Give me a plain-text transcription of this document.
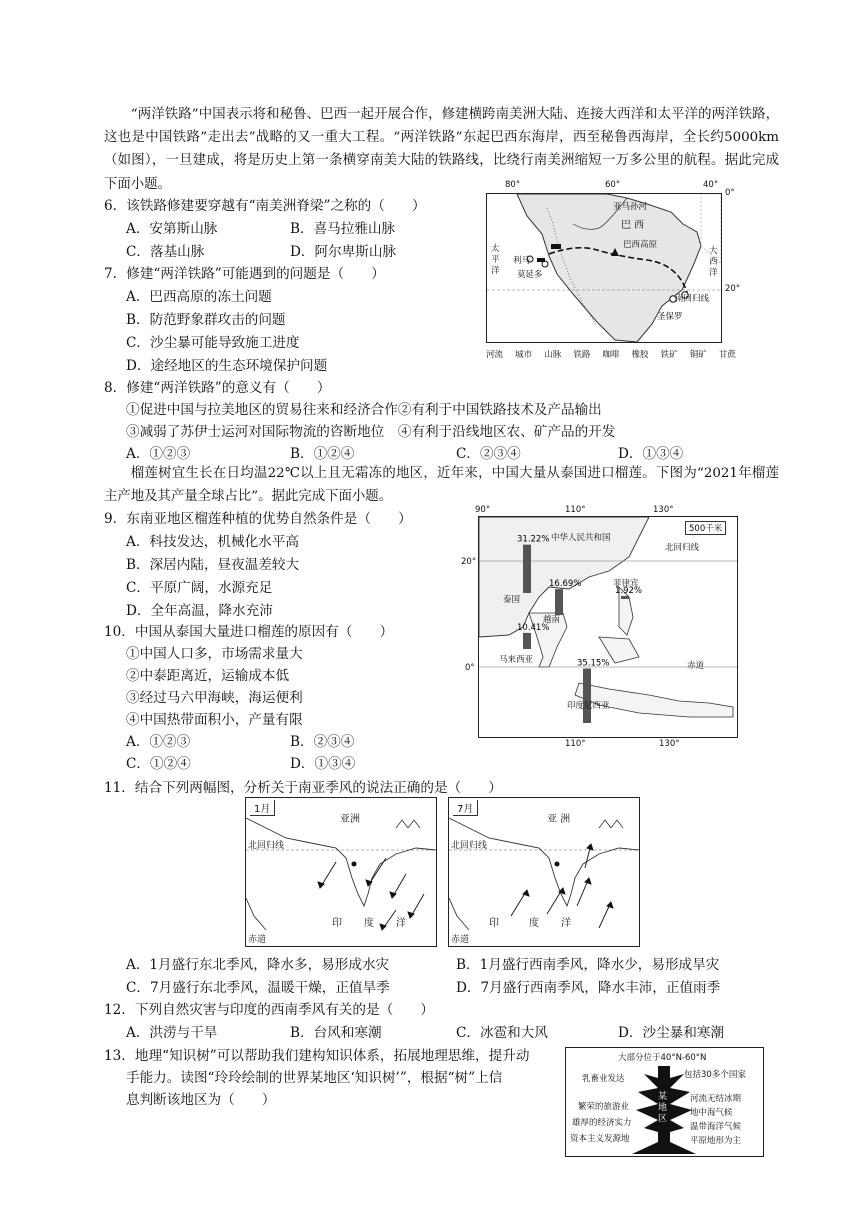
“两洋铁路”中国表示将和秘鲁、巴西一起开展合作，修建横跨南美洲大陆、连接大西洋和太平洋的两洋铁路，这也是中国铁路”走出去”战略的又一重大工程。“两洋铁路”东起巴西东海岸，西至秘鲁西海岸，全长约5000km（如图），一旦建成，将是历史上第一条横穿南美大陆的铁路线，比绕行南美洲缩短一万多公里的航程。据此完成下面小题。
6．该铁路修建要穿越有“南美洲脊梁”之称的（　　）
A．安第斯山脉	B．喜马拉雅山脉
C．落基山脉	D．阿尔卑斯山脉
7．修建“两洋铁路”可能遇到的问题是（　　）
A．巴西高原的冻土问题
B．防范野象群攻击的问题
C．沙尘暴可能导致施工进度
D．途经地区的生态环境保护问题
80°	60°	40°
0°
20°
亚马孙河
巴 西
巴西高原
太平洋
大西洋
利马
莫延多
圣保罗
南回归线
河流 城市 山脉 铁路 咖啡 橡胶 铁矿 铜矿 甘蔗
8．修建“两洋铁路”的意义有（　　）
①促进中国与拉美地区的贸易往来和经济合作②有利于中国铁路技术及产品输出
③减弱了苏伊士运河对国际物流的咨断地位　④有利于沿线地区农、矿产品的开发
A．①②③	B．①②④	C．②③④	D．①③④
榴莲树宜生长在日均温22℃以上且无霜冻的地区，近年来，中国大量从泰国进口榴莲。下图为“2021年榴莲主产地及其产量全球占比”。据此完成下面小题。
9．东南亚地区榴莲种植的优势自然条件是（　　）
A．科技发达，机械化水平高
B．深居内陆，昼夜温差较大
C．平原广阔，水源充足
D．全年高温，降水充沛
10．中国从泰国大量进口榴莲的原因有（　　）
①中国人口多，市场需求量大
②中泰距离近，运输成本低
③经过马六甲海峡，海运便利
④中国热带面积小，产量有限
A．①②③	B．②③④
C．①②④	D．①③④
31.22%
16.69%
1.92%
10.41%
35.15%
90°	110°	130°
20°
0°
110°	130°
500千米
中华人民共和国
北回归线
赤道
泰国
越南
菲律宾
马来西亚
印度尼西亚
11．结合下列两幅图，分析关于南亚季风的说法正确的是（　　）
1月
亚洲
北回归线
印 度 洋
赤道
7月
亚 洲
北回归线
印	度 洋
赤道
A．1月盛行东北季风，降水多，易形成水灾	B．1月盛行西南季风，降水少，易形成旱灾
C．7月盛行东北季风，温暖干燥，正值旱季	D．7月盛行西南季风，降水丰沛，正值雨季
12．下列自然灾害与印度的西南季风有关的是（　　）
A．洪涝与干旱	B．台风和寒潮	C．冰雹和大风	D．沙尘暴和寒潮
13．地理“知识树”可以帮助我们建构知识体系，拓展地理思维，提升动
手能力。读图“玲玲绘制的世界某地区‘知识树’”，根据“树”上信
息判断该地区为（　　）
大部分位于40°N-60°N
某地区
乳畜业发达
繁荣的旅游业
雄厚的经济实力
资本主义发源地
包括30多个国家
河流无结冰期
地中海气候
温带海洋气候
平原地形为主
